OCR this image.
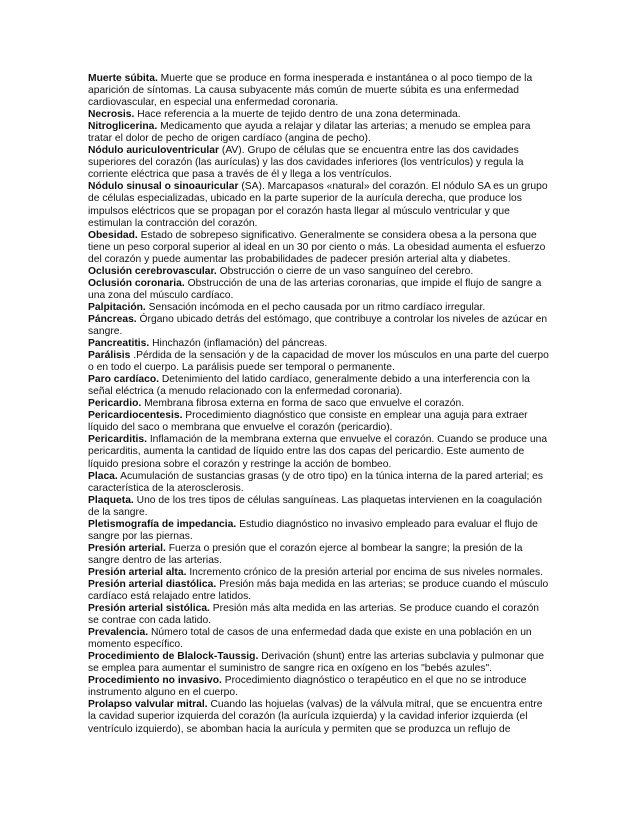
Muerte súbita. Muerte que se produce en forma inesperada e instantánea o al poco tiempo de la aparición de síntomas. La causa subyacente más común de muerte súbita es una enfermedad cardiovascular, en especial una enfermedad coronaria.

Necrosis. Hace referencia a la muerte de tejido dentro de una zona determinada.

Nitroglicerina. Medicamento que ayuda a relajar y dilatar las arterias; a menudo se emplea para tratar el dolor de pecho de origen cardíaco (angina de pecho).

Nódulo auriculoventricular (AV). Grupo de células que se encuentra entre las dos cavidades superiores del corazón (las aurículas) y las dos cavidades inferiores (los ventrículos) y regula la corriente eléctrica que pasa a través de él y llega a los ventrículos.

Nódulo sinusal o sinoauricular (SA). Marcapasos «natural» del corazón. El nódulo SA es un grupo de células especializadas, ubicado en la parte superior de la aurícula derecha, que produce los impulsos eléctricos que se propagan por el corazón hasta llegar al músculo ventricular y que estimulan la contracción del corazón.

Obesidad. Estado de sobrepeso significativo. Generalmente se considera obesa a la persona que tiene un peso corporal superior al ideal en un 30 por ciento o más. La obesidad aumenta el esfuerzo del corazón y puede aumentar las probabilidades de padecer presión arterial alta y diabetes.

Oclusión cerebrovascular. Obstrucción o cierre de un vaso sanguíneo del cerebro.

Oclusión coronaria. Obstrucción de una de las arterias coronarias, que impide el flujo de sangre a una zona del músculo cardíaco.

Palpitación. Sensación incómoda en el pecho causada por un ritmo cardíaco irregular.

Páncreas. Órgano ubicado detrás del estómago, que contribuye a controlar los niveles de azúcar en sangre.

Pancreatitis. Hinchazón (inflamación) del páncreas.

Parálisis .Pérdida de la sensación y de la capacidad de mover los músculos en una parte del cuerpo o en todo el cuerpo. La parálisis puede ser temporal o permanente.

Paro cardíaco. Detenimiento del latido cardíaco, generalmente debido a una interferencia con la señal eléctrica (a menudo relacionado con la enfermedad coronaria).

Pericardio. Membrana fibrosa externa en forma de saco que envuelve el corazón.

Pericardiocentesis. Procedimiento diagnóstico que consiste en emplear una aguja para extraer líquido del saco o membrana que envuelve el corazón (pericardio).

Pericarditis. Inflamación de la membrana externa que envuelve el corazón. Cuando se produce una pericarditis, aumenta la cantidad de líquido entre las dos capas del pericardio. Este aumento de líquido presiona sobre el corazón y restringe la acción de bombeo.

Placa. Acumulación de sustancias grasas (y de otro tipo) en la túnica interna de la pared arterial; es característica de la aterosclerosis.

Plaqueta. Uno de los tres tipos de células sanguíneas. Las plaquetas intervienen en la coagulación de la sangre.

Pletismografía de impedancia. Estudio diagnóstico no invasivo empleado para evaluar el flujo de sangre por las piernas.

Presión arterial. Fuerza o presión que el corazón ejerce al bombear la sangre; la presión de la sangre dentro de las arterias.

Presión arterial alta. Incremento crónico de la presión arterial por encima de sus niveles normales.

Presión arterial diastólica. Presión más baja medida en las arterias; se produce cuando el músculo cardíaco está relajado entre latidos.

Presión arterial sistólica. Presión más alta medida en las arterias. Se produce cuando el corazón se contrae con cada latido.

Prevalencia. Número total de casos de una enfermedad dada que existe en una población en un momento específico.

Procedimiento de Blalock-Taussig. Derivación (shunt) entre las arterias subclavia y pulmonar que se emplea para aumentar el suministro de sangre rica en oxígeno en los "bebés azules".

Procedimiento no invasivo. Procedimiento diagnóstico o terapéutico en el que no se introduce instrumento alguno en el cuerpo.

Prolapso valvular mitral. Cuando las hojuelas (valvas) de la válvula mitral, que se encuentra entre la cavidad superior izquierda del corazón (la aurícula izquierda) y la cavidad inferior izquierda (el ventrículo izquierdo), se abomban hacia la aurícula y permiten que se produzca un reflujo de
